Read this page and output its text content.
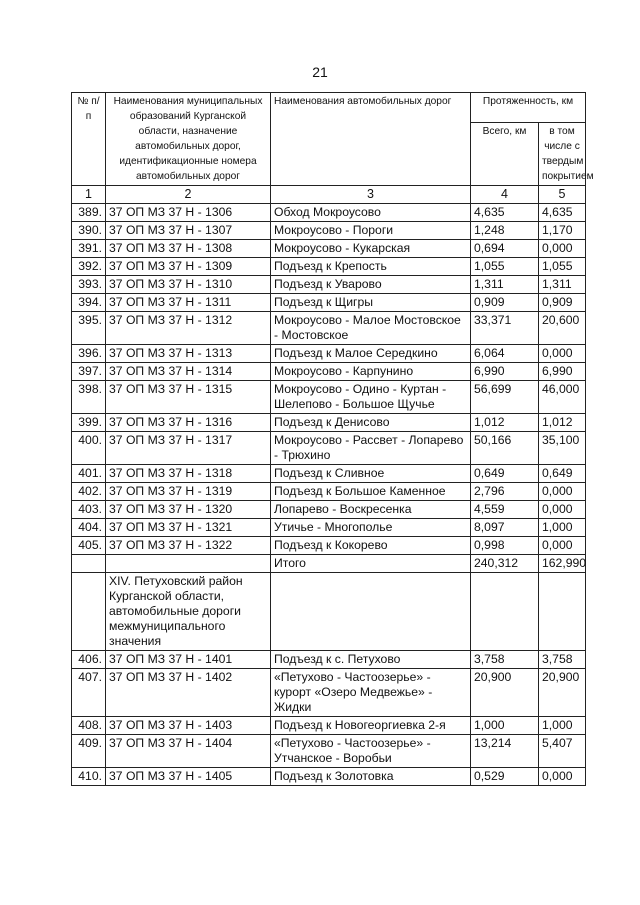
21
№ п/п	Наименования муниципальных образований Курганской области, назначение автомобильных дорог, идентификационные номера автомобильных дорог	Наименования автомобильных дорог	Протяженность, км	
			Всего, км	в том числе с твердым покрытием
1	2	3	4	5
389.	37 ОП МЗ 37 Н - 1306	Обход Мокроусово	4,635	4,635
390.	37 ОП МЗ 37 Н - 1307	Мокроусово - Пороги	1,248	1,170
391.	37 ОП МЗ 37 Н - 1308	Мокроусово - Кукарская	0,694	0,000
392.	37 ОП МЗ 37 Н - 1309	Подъезд к Крепость	1,055	1,055
393.	37 ОП МЗ 37 Н - 1310	Подъезд к Уварово	1,311	1,311
394.	37 ОП МЗ 37 Н - 1311	Подъезд к Щигры	0,909	0,909
395.	37 ОП МЗ 37 Н - 1312	Мокроусово - Малое Мостовское - Мостовское	33,371	20,600
396.	37 ОП МЗ 37 Н - 1313	Подъезд к Малое Середкино	6,064	0,000
397.	37 ОП МЗ 37 Н - 1314	Мокроусово - Карпунино	6,990	6,990
398.	37 ОП МЗ 37 Н - 1315	Мокроусово - Одино - Куртан - Шелепово - Большое Щучье	56,699	46,000
399.	37 ОП МЗ 37 Н - 1316	Подъезд к Денисово	1,012	1,012
400.	37 ОП МЗ 37 Н - 1317	Мокроусово - Рассвет - Лопарево - Трюхино	50,166	35,100
401.	37 ОП МЗ 37 Н - 1318	Подъезд к Сливное	0,649	0,649
402.	37 ОП МЗ 37 Н - 1319	Подъезд к Большое Каменное	2,796	0,000
403.	37 ОП МЗ 37 Н - 1320	Лопарево - Воскресенка	4,559	0,000
404.	37 ОП МЗ 37 Н - 1321	Утичье - Многополье	8,097	1,000
405.	37 ОП МЗ 37 Н - 1322	Подъезд к Кокорево	0,998	0,000
		Итого	240,312	162,990
	XIV. Петуховский район Курганской области, автомобильные дороги межмуниципального значения			
406.	37 ОП МЗ 37 Н - 1401	Подъезд к с. Петухово	3,758	3,758
407.	37 ОП МЗ 37 Н - 1402	«Петухово - Частоозерье» - курорт «Озеро Медвежье» - Жидки	20,900	20,900
408.	37 ОП МЗ 37 Н - 1403	Подъезд к Новогеоргиевка 2-я	1,000	1,000
409.	37 ОП МЗ 37 Н - 1404	«Петухово - Частоозерье» - Утчанское - Воробьи	13,214	5,407
410.	37 ОП МЗ 37 Н - 1405	Подъезд к Золотовка	0,529	0,000
